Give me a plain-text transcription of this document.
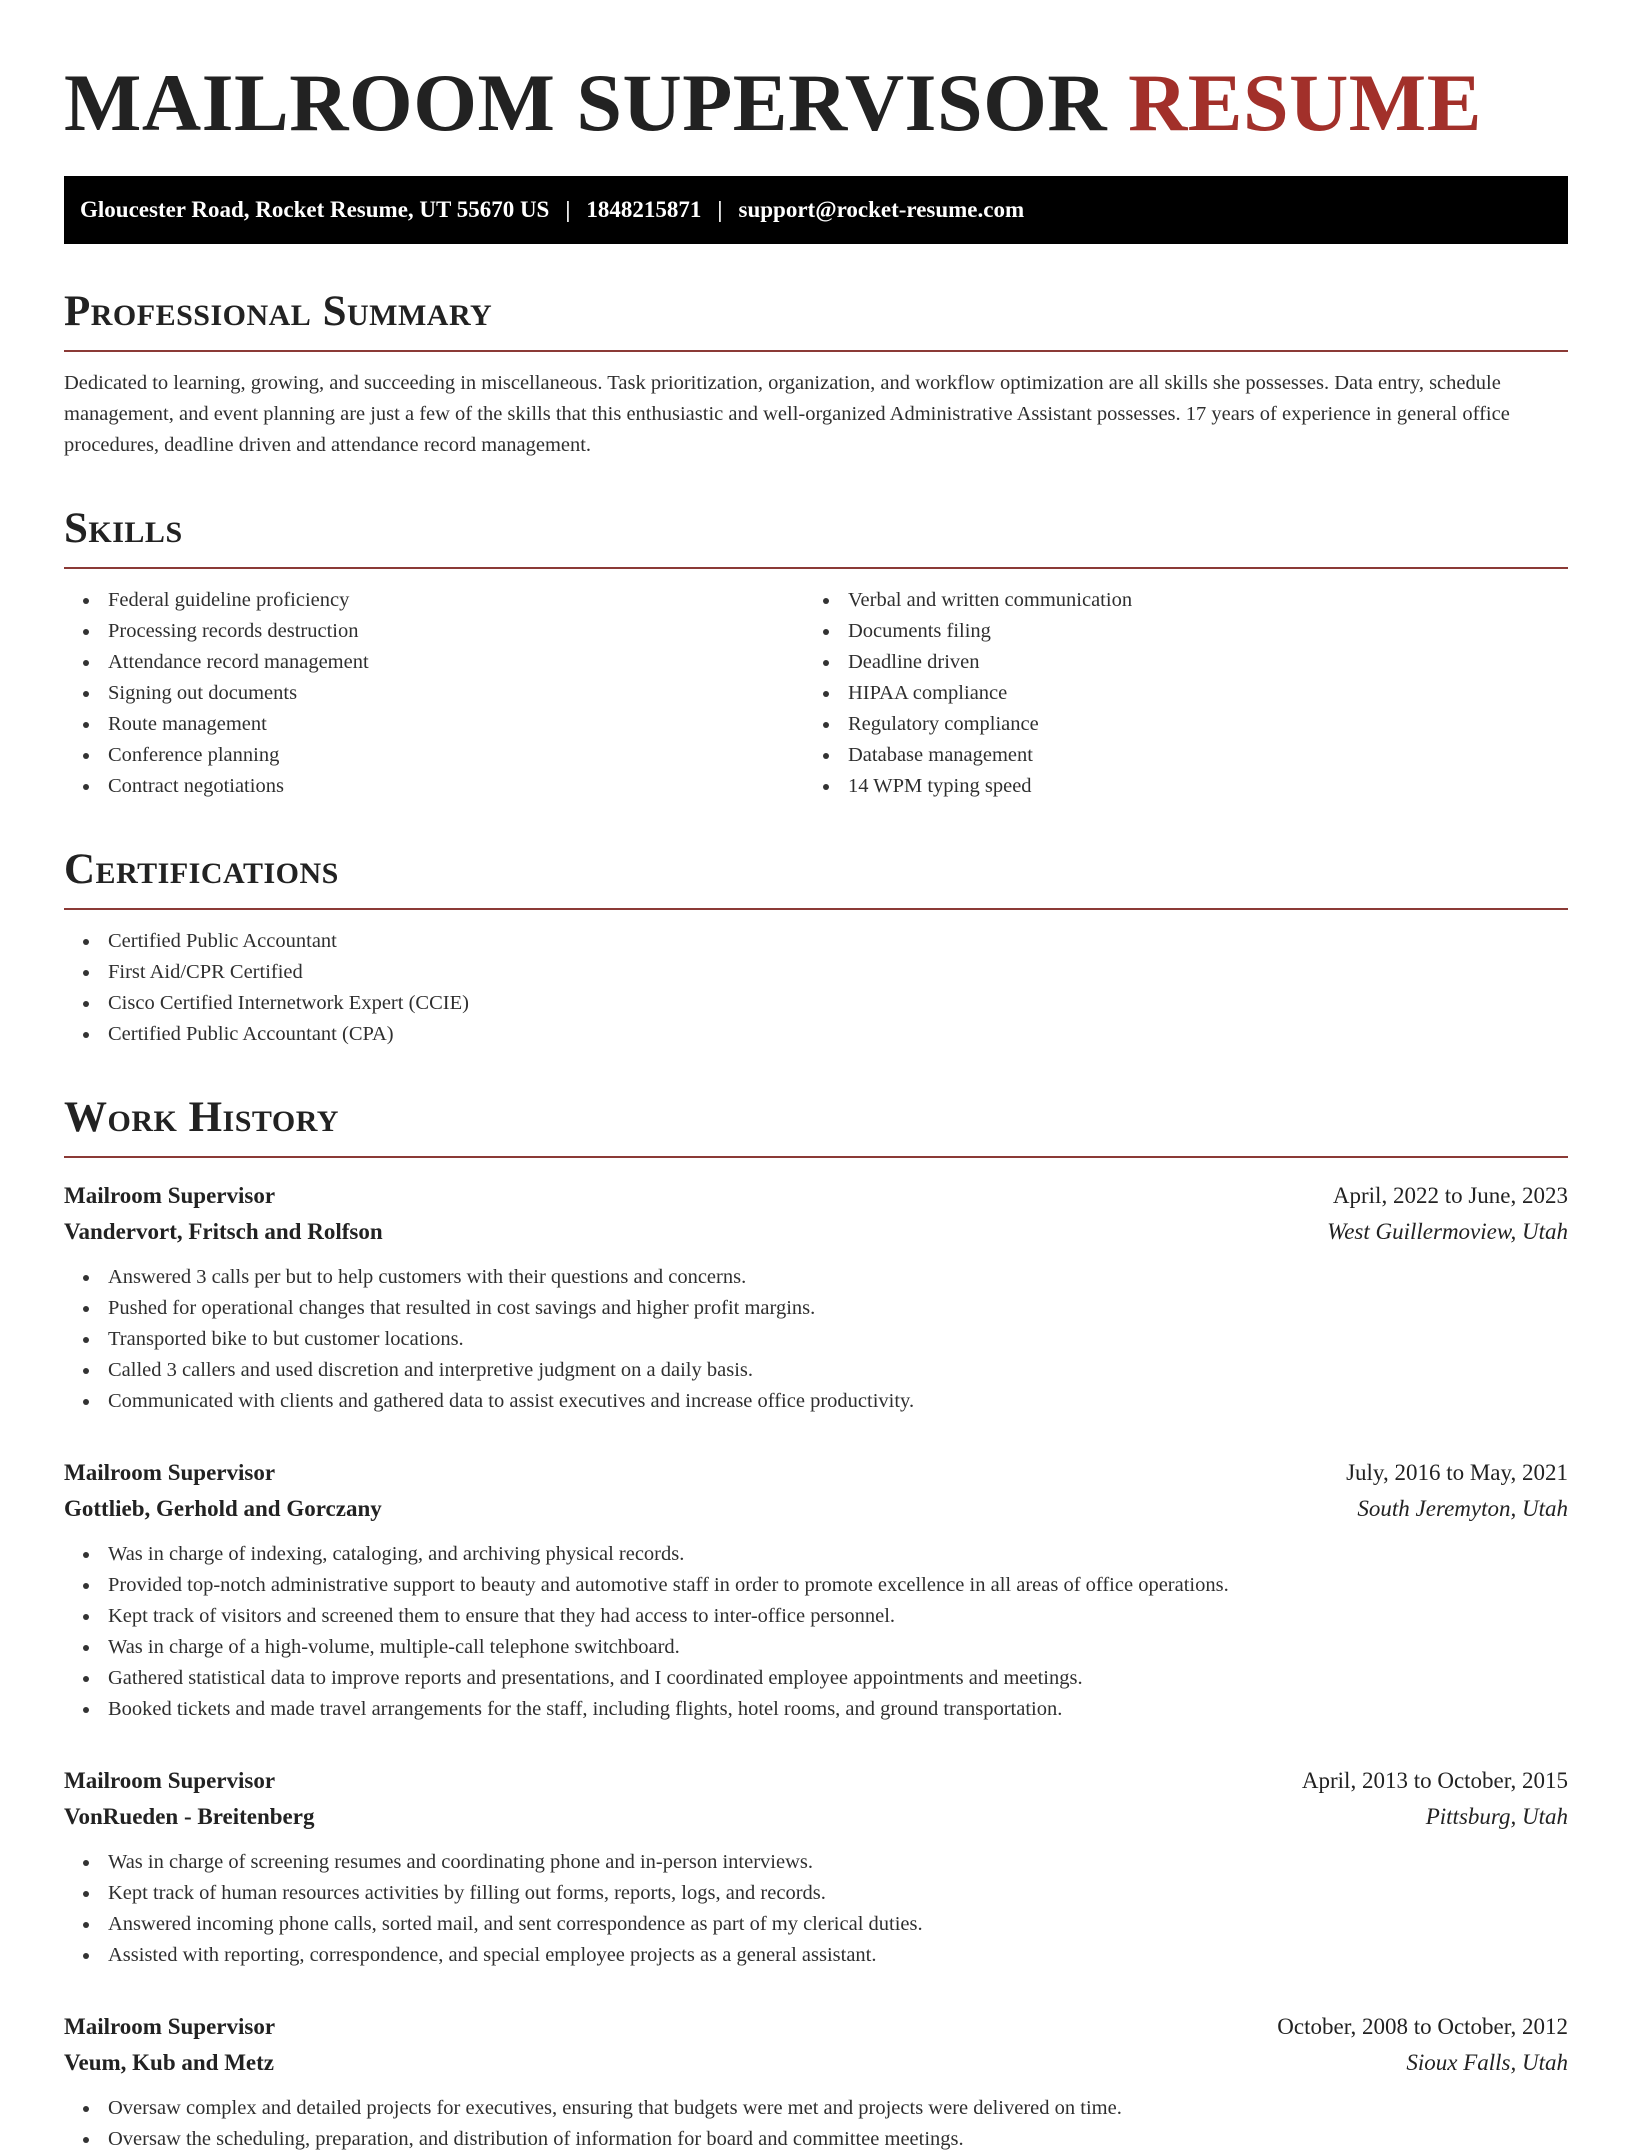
MAILROOM SUPERVISOR RESUME
Gloucester Road, Rocket Resume, UT 55670 US | 1848215871 | support@rocket-resume.com
Professional Summary

Dedicated to learning, growing, and succeeding in miscellaneous. Task prioritization, organization, and workflow optimization are all skills she possesses. Data entry, schedule management, and event planning are just a few of the skills that this enthusiastic and well-organized Administrative Assistant possesses. 17 years of experience in general office procedures, deadline driven and attendance record management.

Skills
Federal guideline proficiency
Processing records destruction
Attendance record management
Signing out documents
Route management
Conference planning
Contract negotiations
Verbal and written communication
Documents filing
Deadline driven
HIPAA compliance
Regulatory compliance
Database management
14 WPM typing speed
Certifications
Certified Public Accountant
First Aid/CPR Certified
Cisco Certified Internetwork Expert (CCIE)
Certified Public Accountant (CPA)
Work History
Mailroom Supervisor	April, 2022 to June, 2023
Vandervort, Fritsch and Rolfson	West Guillermoview, Utah
Answered 3 calls per but to help customers with their questions and concerns.
Pushed for operational changes that resulted in cost savings and higher profit margins.
Transported bike to but customer locations.
Called 3 callers and used discretion and interpretive judgment on a daily basis.
Communicated with clients and gathered data to assist executives and increase office productivity.
Mailroom Supervisor	July, 2016 to May, 2021
Gottlieb, Gerhold and Gorczany	South Jeremyton, Utah
Was in charge of indexing, cataloging, and archiving physical records.
Provided top-notch administrative support to beauty and automotive staff in order to promote excellence in all areas of office operations.
Kept track of visitors and screened them to ensure that they had access to inter-office personnel.
Was in charge of a high-volume, multiple-call telephone switchboard.
Gathered statistical data to improve reports and presentations, and I coordinated employee appointments and meetings.
Booked tickets and made travel arrangements for the staff, including flights, hotel rooms, and ground transportation.
Mailroom Supervisor	April, 2013 to October, 2015
VonRueden - Breitenberg	Pittsburg, Utah
Was in charge of screening resumes and coordinating phone and in-person interviews.
Kept track of human resources activities by filling out forms, reports, logs, and records.
Answered incoming phone calls, sorted mail, and sent correspondence as part of my clerical duties.
Assisted with reporting, correspondence, and special employee projects as a general assistant.
Mailroom Supervisor	October, 2008 to October, 2012
Veum, Kub and Metz	Sioux Falls, Utah
Oversaw complex and detailed projects for executives, ensuring that budgets were met and projects were delivered on time.
Oversaw the scheduling, preparation, and distribution of information for board and committee meetings.
